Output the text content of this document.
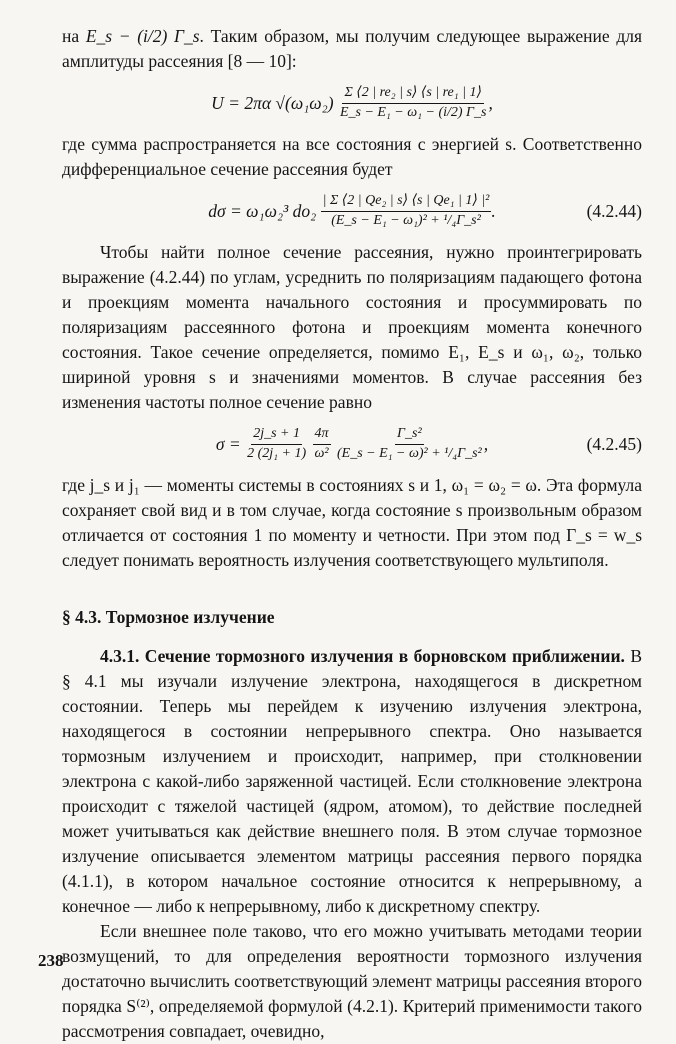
на E_s − (i/2) Γ_s. Таким образом, мы получим следующее выражение для амплитуды рассеяния [8 — 10]:

U = 2πα √(ω₁ω₂)
$\frac{\text{Σ ⟨2 | re₂ | s⟩ ⟨s | re₁ | 1⟩}}{\text{E\_s − E₁ − ω₁ − (i/2) Γ\_s}}$ ,

где сумма распространяется на все состояния с энергией s. Соответственно дифференциальное сечение рассеяния будет

dσ = ω₁ω₂³ do₂
$\frac{\text{| Σ ⟨2 | Qe₂ | s⟩ ⟨s | Qe₁ | 1⟩ |²}}{\text{(E\_s − E₁ − ω₁)² + ¹/₄Γ\_s²}}$ .	(4.2.44)

Чтобы найти полное сечение рассеяния, нужно проинтегрировать выражение (4.2.44) по углам, усреднить по поляризациям падающего фотона и проекциям момента начального состояния и просуммировать по поляризациям рассеянного фотона и проекциям момента конечного состояния. Такое сечение определяется, помимо E₁, E_s и ω₁, ω₂, только шириной уровня s и значениями моментов. В случае рассеяния без изменения частоты полное сечение равно

σ =
$\frac{2j\_s + 1}{\text{2 (2j₁ + 1)}}$
$\frac{4\pi}{\text{ω²}}$
$\frac{\text{Γ\_s²}}{\text{(E\_s − E₁ − ω)² + ¹/₄Γ\_s²}}$ ,	(4.2.45)

где j_s и j₁ — моменты системы в состояниях s и 1, ω₁ = ω₂ = ω. Эта формула сохраняет свой вид и в том случае, когда состояние s произвольным образом отличается от состояния 1 по моменту и четности. При этом под Γ_s = w_s следует понимать вероятность излучения соответствующего мультиполя.

§ 4.3. Тормозное излучение

4.3.1. Сечение тормозного излучения в борновском приближении. В § 4.1 мы изучали излучение электрона, находящегося в дискретном состоянии. Теперь мы перейдем к изучению излучения электрона, находящегося в состоянии непрерывного спектра. Оно называется тормозным излучением и происходит, например, при столкновении электрона с какой-либо заряженной частицей. Если столкновение электрона происходит с тяжелой частицей (ядром, атомом), то действие последней может учитываться как действие внешнего поля. В этом случае тормозное излучение описывается элементом матрицы рассеяния первого порядка (4.1.1), в котором начальное состояние относится к непрерывному, а конечное — либо к непрерывному, либо к дискретному спектру.

Если внешнее поле таково, что его можно учитывать методами теории возмущений, то для определения вероятности тормозного излучения достаточно вычислить соответствующий элемент матрицы рассеяния второго порядка S⁽²⁾, определяемой формулой (4.2.1). Критерий применимости такого рассмотрения совпадает, очевидно,

238
